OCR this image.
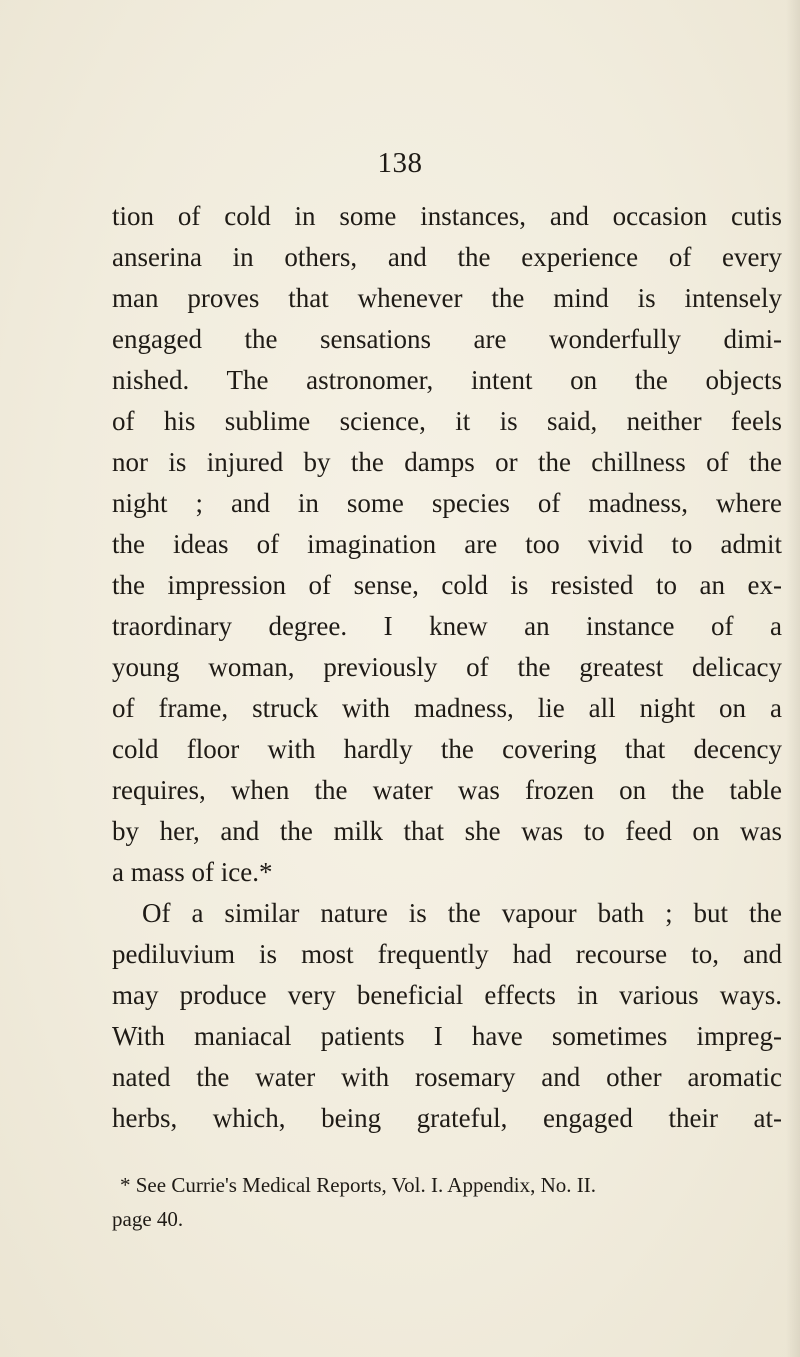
138

tion of cold in some instances, and occasion cutis
anserina in others, and the experience of every
man proves that whenever the mind is intensely
engaged the sensations are wonderfully dimi-
nished. The astronomer, intent on the objects
of his sublime science, it is said, neither feels
nor is injured by the damps or the chillness of the
night ; and in some species of madness, where
the ideas of imagination are too vivid to admit
the impression of sense, cold is resisted to an ex-
traordinary degree. I knew an instance of a
young woman, previously of the greatest delicacy
of frame, struck with madness, lie all night on a
cold floor with hardly the covering that decency
requires, when the water was frozen on the table
by her, and the milk that she was to feed on was
a mass of ice.*
Of a similar nature is the vapour bath ; but the
pediluvium is most frequently had recourse to, and
may produce very beneficial effects in various ways.
With maniacal patients I have sometimes impreg-
nated the water with rosemary and other aromatic
herbs, which, being grateful, engaged their at-
* See Currie's Medical Reports, Vol. I. Appendix, No. II.
page 40.
